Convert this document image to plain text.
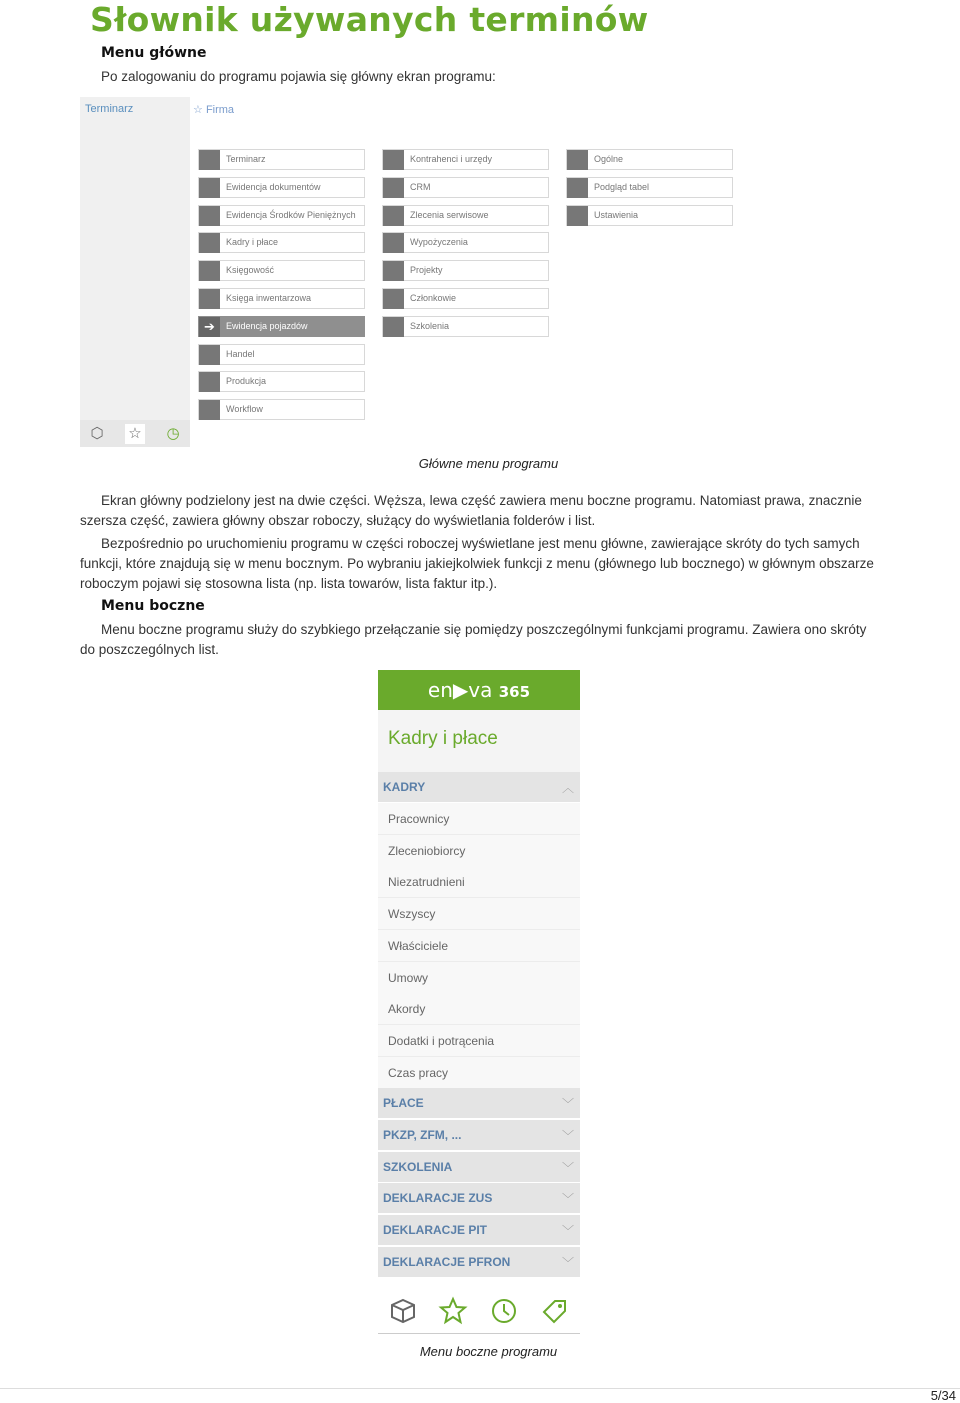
Słownik używanych terminów
Menu główne
Po zalogowaniu do programu pojawia się główny ekran programu:
Terminarz	☆ Firma
⬡ ☆ ◷
Terminarz
Ewidencja dokumentów
Ewidencja Środków Pieniężnych
Kadry i płace
Księgowość
Księga inwentarzowa
➔	Ewidencja pojazdów
Handel
Produkcja
Workflow
Kontrahenci i urzędy
CRM
Zlecenia serwisowe
Wypożyczenia
Projekty
Członkowie
Szkolenia
Ogólne
Podgląd tabel
Ustawienia
Główne menu programu
Ekran główny podzielony jest na dwie części. Węższa, lewa część zawiera menu boczne programu. Natomiast prawa, znacznie szersza część, zawiera główny obszar roboczy, służący do wyświetlania folderów i list.
Bezpośrednio po uruchomieniu programu w części roboczej wyświetlane jest menu główne, zawierające skróty do tych samych funkcji, które znajdują się w menu bocznym. Po wybraniu jakiejkolwiek funkcji z menu (głównego lub bocznego) w głównym obszarze roboczym pojawi się stosowna lista (np. lista towarów, lista faktur itp.).
Menu boczne
Menu boczne programu służy do szybkiego przełączanie się pomiędzy poszczególnymi funkcjami programu. Zawiera ono skróty do poszczególnych list.
en▶va 365
Kadry i płace
KADRY	︿
Pracownicy
Zleceniobiorcy
Niezatrudnieni
Wszyscy
Właściciele
Umowy
Akordy
Dodatki i potrącenia
Czas pracy
PŁACE	﹀
PKZP, ZFM, ...	﹀
SZKOLENIA	﹀
DEKLARACJE ZUS	﹀
DEKLARACJE PIT	﹀
DEKLARACJE PFRON	﹀
Menu boczne programu
5/34
